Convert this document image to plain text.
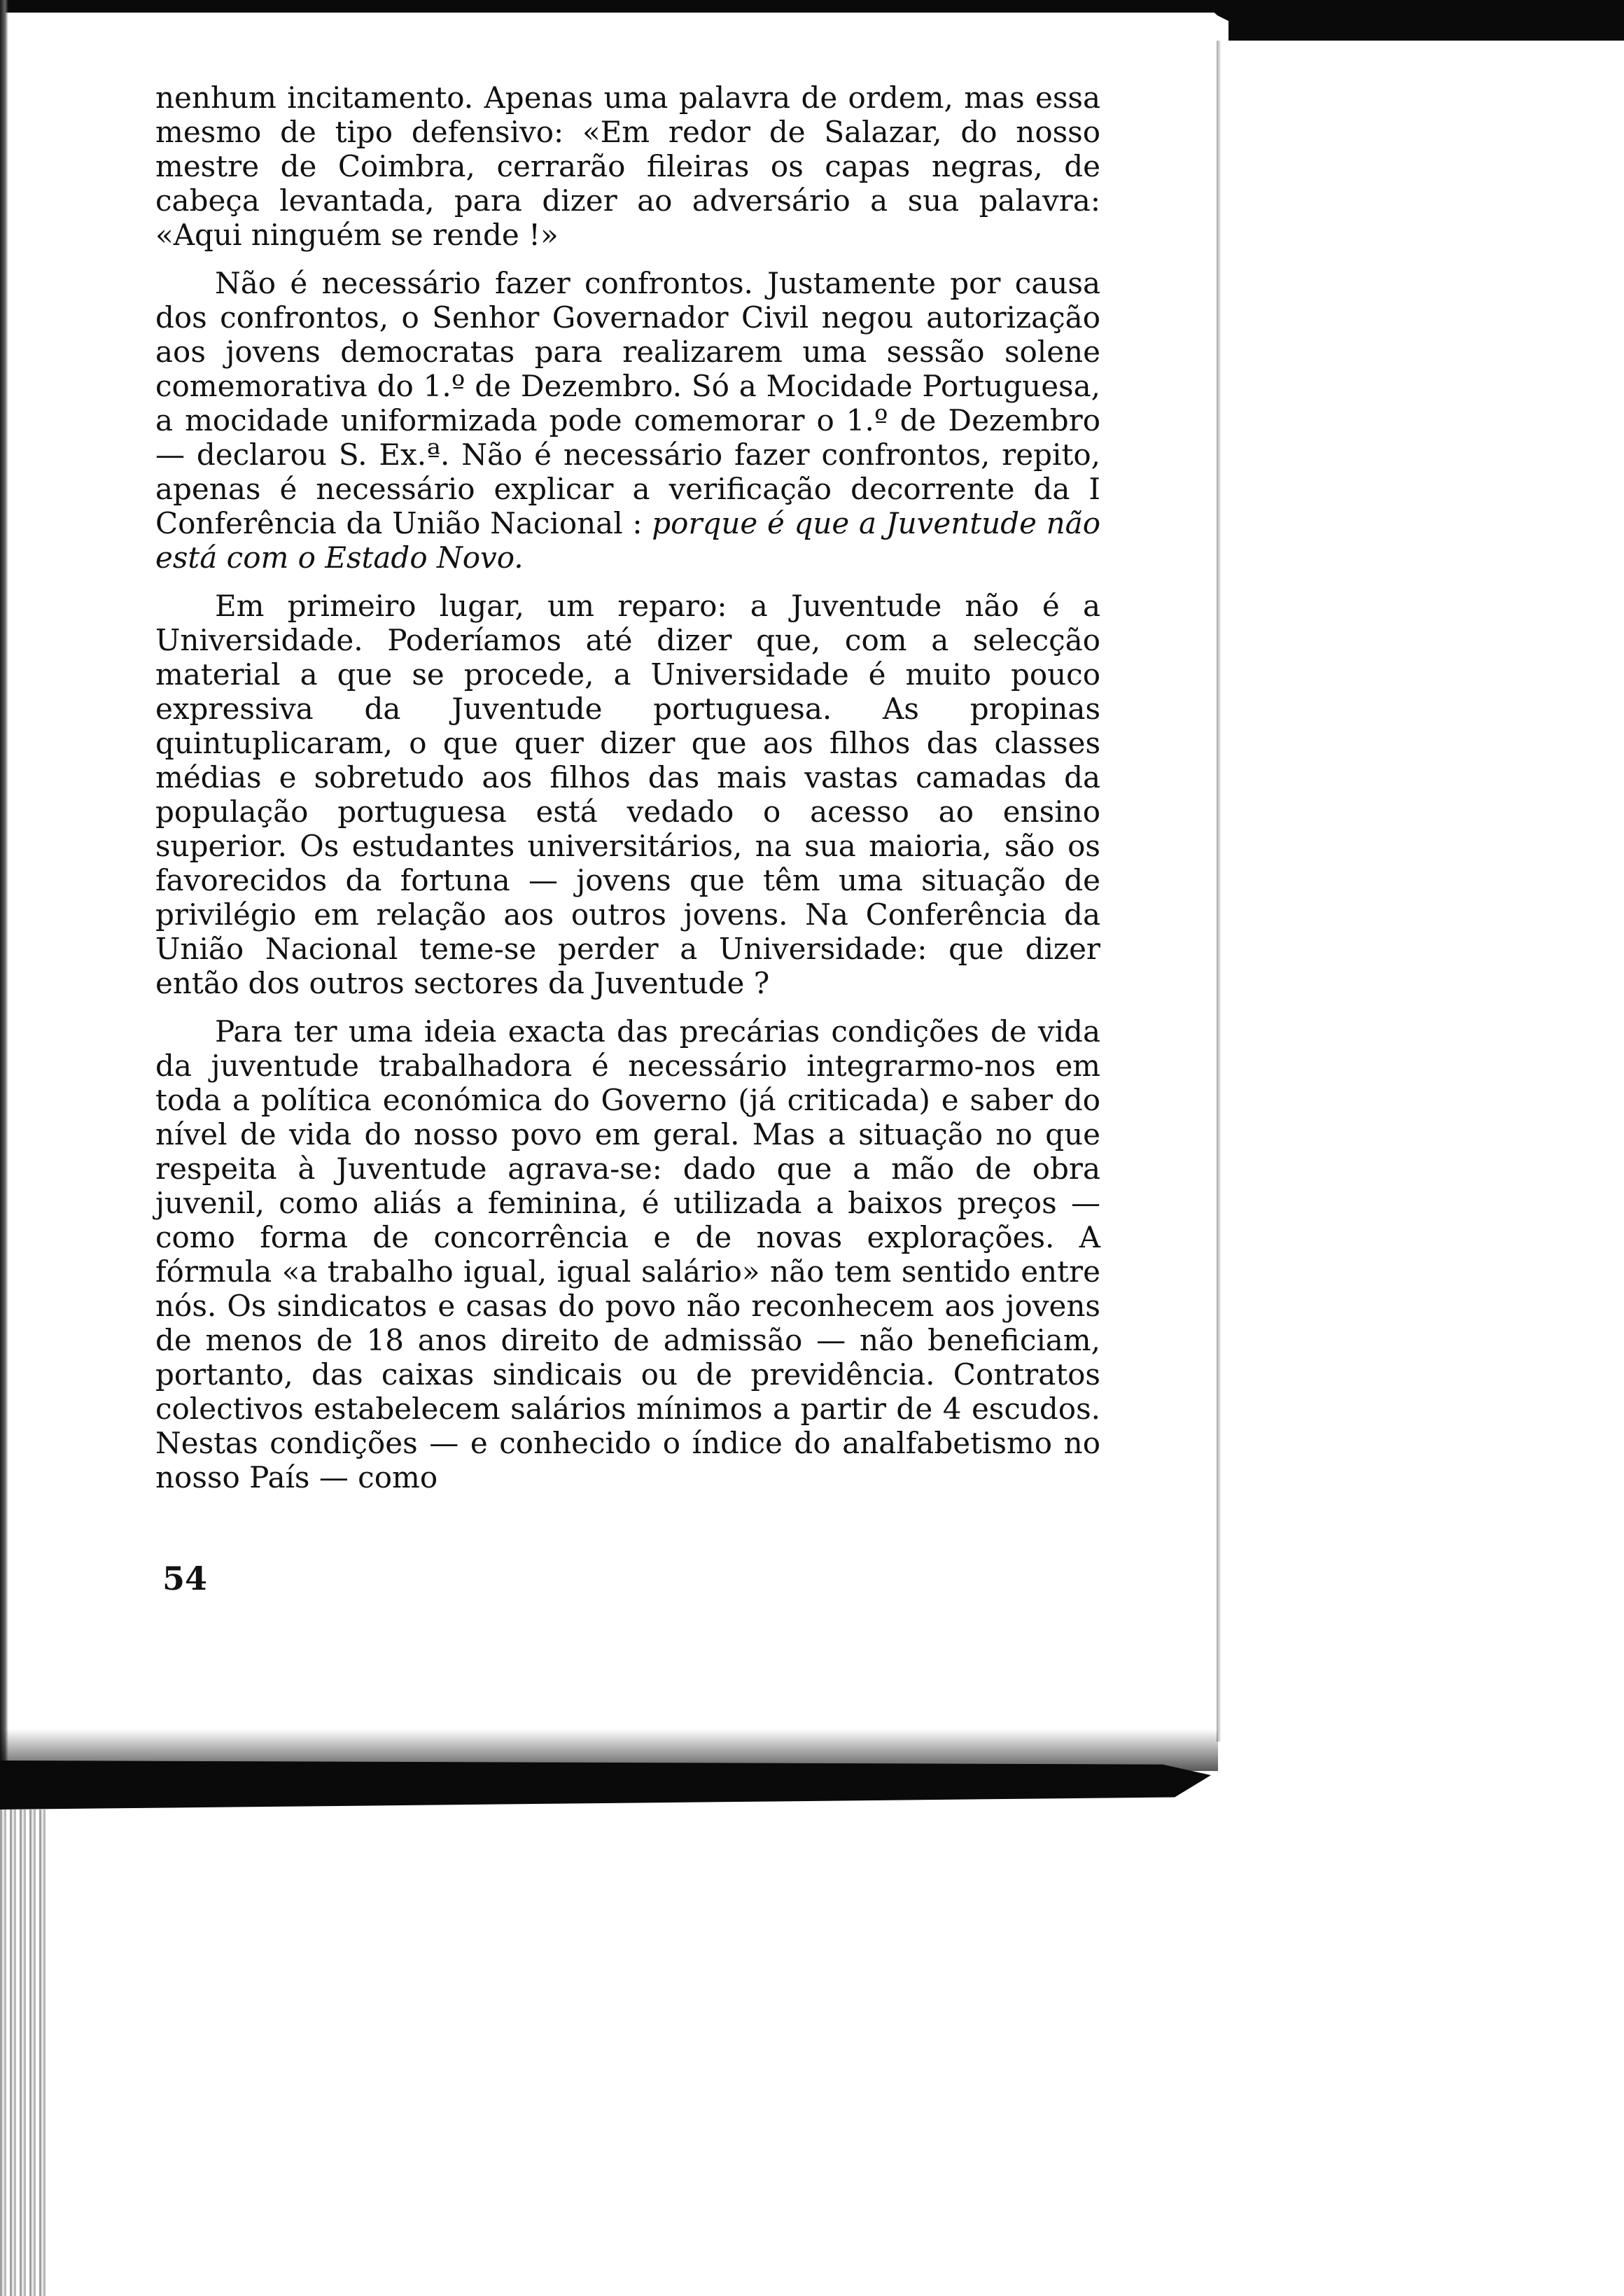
nenhum incitamento. Apenas uma palavra de ordem, mas essa mesmo de tipo defensivo: «Em redor de Salazar, do nosso mestre de Coimbra, cerrarão fileiras os capas negras, de cabeça levantada, para dizer ao adversário a sua palavra: «Aqui ninguém se rende !»

Não é necessário fazer confrontos. Justamente por causa dos confrontos, o Senhor Governador Civil negou autorização aos jovens democratas para realizarem uma sessão solene comemorativa do 1.º de Dezembro. Só a Mocidade Portuguesa, a mocidade uniformizada pode comemorar o 1.º de Dezembro — declarou S. Ex.ª. Não é necessário fazer confrontos, repito, apenas é necessário explicar a verificação decorrente da I Conferência da União Nacional : porque é que a Juventude não está com o Estado Novo.

Em primeiro lugar, um reparo: a Juventude não é a Universidade. Poderíamos até dizer que, com a selecção material a que se procede, a Universidade é muito pouco expressiva da Juventude portuguesa. As propinas quintuplicaram, o que quer dizer que aos filhos das classes médias e sobretudo aos filhos das mais vastas camadas da população portuguesa está vedado o acesso ao ensino superior. Os estudantes universitários, na sua maioria, são os favorecidos da fortuna — jovens que têm uma situação de privilégio em relação aos outros jovens. Na Conferência da União Nacional teme-se perder a Universidade: que dizer então dos outros sectores da Juventude ?

Para ter uma ideia exacta das precárias condições de vida da juventude trabalhadora é necessário integrarmo-nos em toda a política económica do Governo (já criticada) e saber do nível de vida do nosso povo em geral. Mas a situação no que respeita à Juventude agrava-se: dado que a mão de obra juvenil, como aliás a feminina, é utilizada a baixos preços — como forma de concorrência e de novas explorações. A fórmula «a trabalho igual, igual salário» não tem sentido entre nós. Os sindicatos e casas do povo não reconhecem aos jovens de menos de 18 anos direito de admissão — não beneficiam, portanto, das caixas sindicais ou de previdência. Contratos colectivos estabelecem salários mínimos a partir de 4 escudos. Nestas condições — e conhecido o índice do analfabetismo no nosso País — como

54
